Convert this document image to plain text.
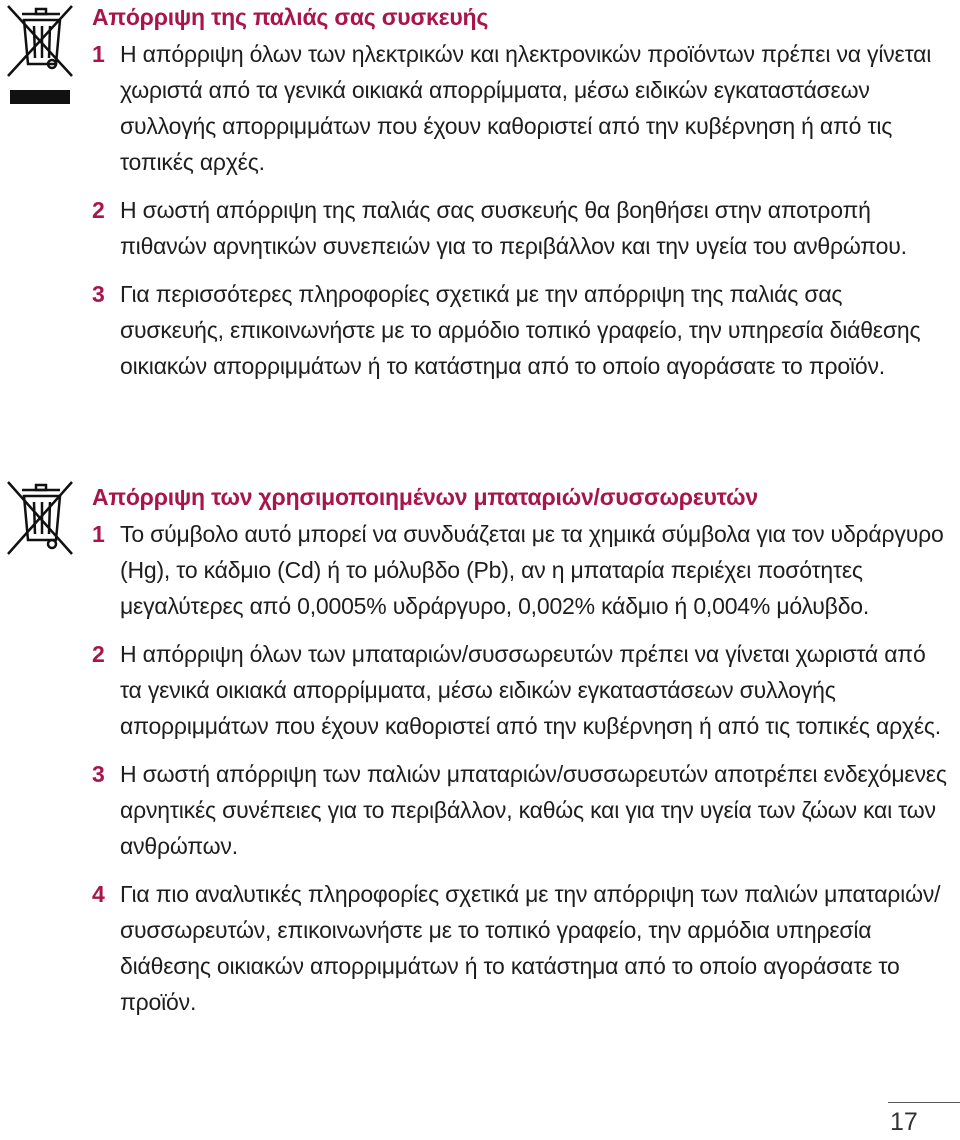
Απόρριψη της παλιάς σας συσκευής
1 Η απόρριψη όλων των ηλεκτρικών και ηλεκτρονικών προϊόντων πρέπει να γίνεται χωριστά από τα γενικά οικιακά απορρίμματα, μέσω ειδικών εγκαταστάσεων συλλογής απορριμμάτων που έχουν καθοριστεί από την κυβέρνηση ή από τις τοπικές αρχές.
2 Η σωστή απόρριψη της παλιάς σας συσκευής θα βοηθήσει στην αποτροπή πιθανών αρνητικών συνεπειών για το περιβάλλον και την υγεία του ανθρώπου.
3 Για περισσότερες πληροφορίες σχετικά με την απόρριψη της παλιάς σας συσκευής, επικοινωνήστε με το αρμόδιο τοπικό γραφείο, την υπηρεσία διάθεσης οικιακών απορριμμάτων ή το κατάστημα από το οποίο αγοράσατε το προϊόν.
Απόρριψη των χρησιμοποιημένων μπαταριών/συσσωρευτών
1 Το σύμβολο αυτό μπορεί να συνδυάζεται με τα χημικά σύμβολα για τον υδράργυρο (Hg), το κάδμιο (Cd) ή το μόλυβδο (Pb), αν η μπαταρία περιέχει ποσότητες μεγαλύτερες από 0,0005% υδράργυρο, 0,002% κάδμιο ή 0,004% μόλυβδο.
2 Η απόρριψη όλων των μπαταριών/συσσωρευτών πρέπει να γίνεται χωριστά από τα γενικά οικιακά απορρίμματα, μέσω ειδικών εγκαταστάσεων συλλογής απορριμμάτων που έχουν καθοριστεί από την κυβέρνηση ή από τις τοπικές αρχές.
3 Η σωστή απόρριψη των παλιών μπαταριών/συσσωρευτών αποτρέπει ενδεχόμενες αρνητικές συνέπειες για το περιβάλλον, καθώς και για την υγεία των ζώων και των ανθρώπων.
4 Για πιο αναλυτικές πληροφορίες σχετικά με την απόρριψη των παλιών μπαταριών/συσσωρευτών, επικοινωνήστε με το τοπικό γραφείο, την αρμόδια υπηρεσία διάθεσης οικιακών απορριμμάτων ή το κατάστημα από το οποίο αγοράσατε το προϊόν.
17
